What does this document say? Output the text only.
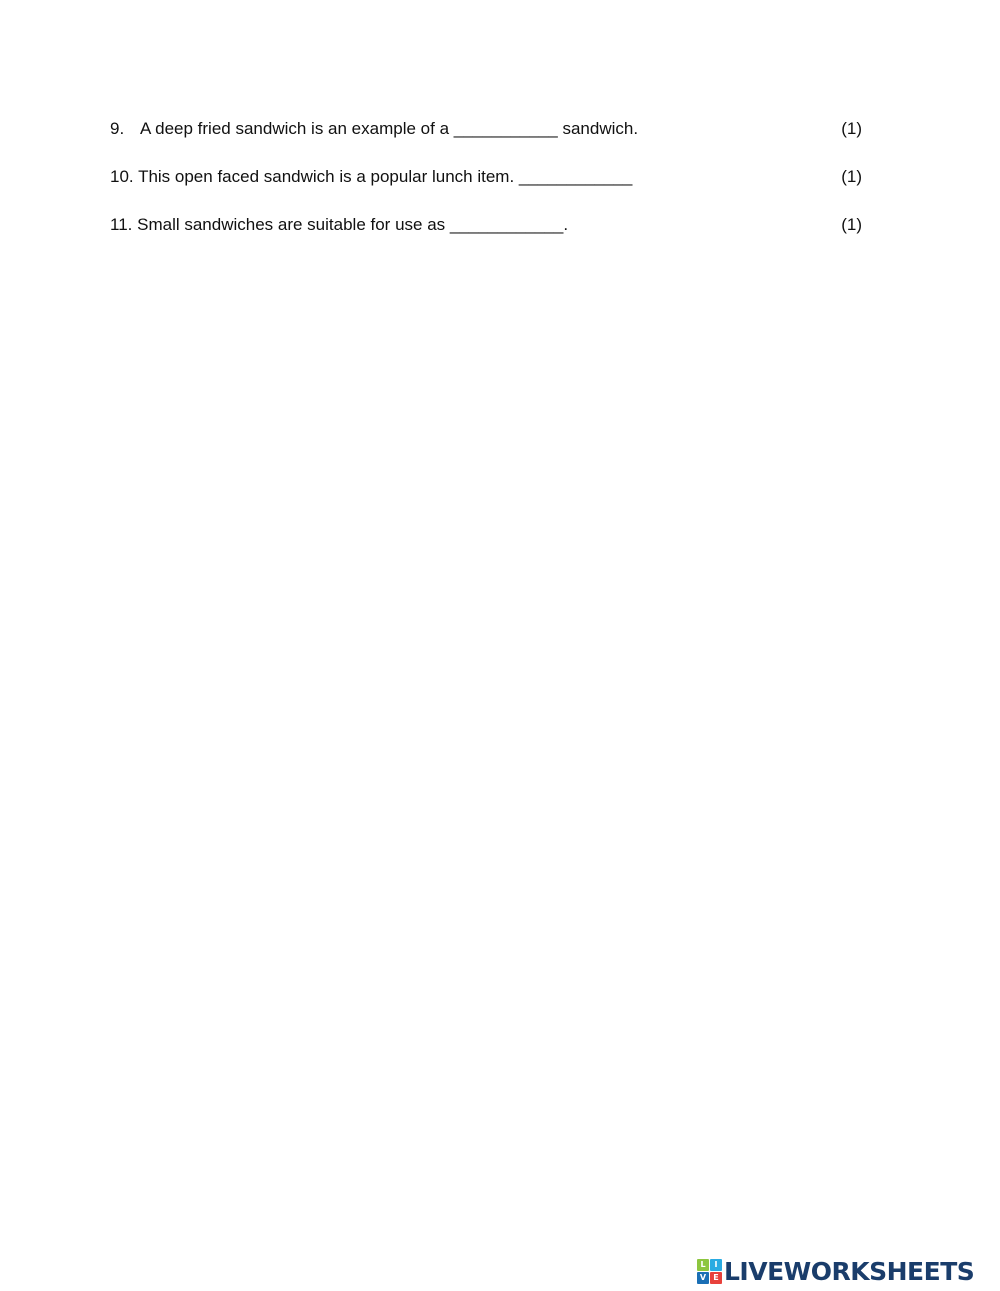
9. A deep fried sandwich is an example of a ___________ sandwich.	(1)
10. This open faced sandwich is a popular lunch item. ____________	(1)
11. Small sandwiches are suitable for use as ____________.	(1)
L	I
V E LIVEWORKSHEETS
